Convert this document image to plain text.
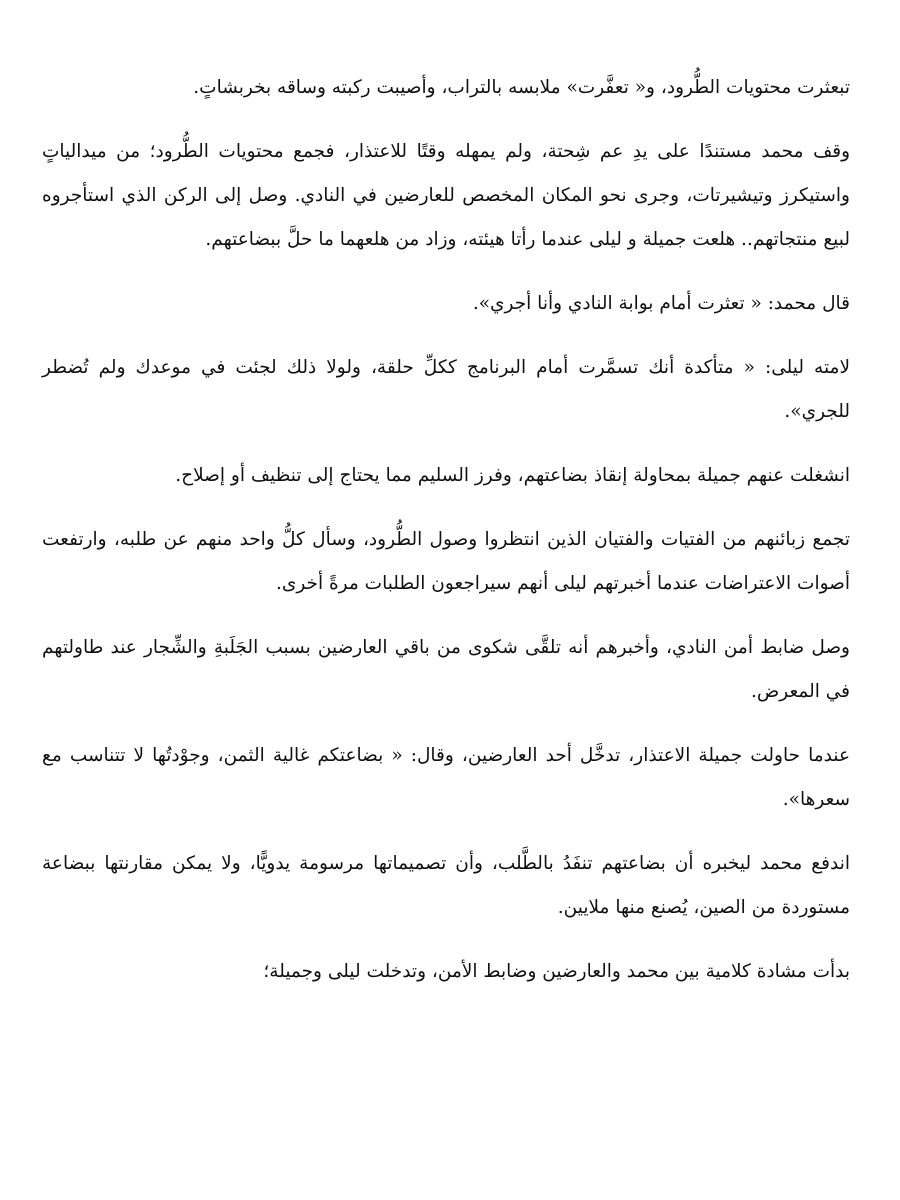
تبعثرت محتويات الطُّرود، و« تعفَّرت» ملابسه بالتراب، وأصيبت ركبته وساقه بخربشاتٍ.

وقف محمد مستندًا على يدِ عم شِحتة، ولم يمهله وقتًا للاعتذار، فجمع محتويات الطُّرود؛ من ميدالياتٍ واستيكرز وتيشيرتات، وجرى نحو المكان المخصص للعارضين في النادي. وصل إلى الركن الذي استأجروه لبيع منتجاتهم.. هلعت جميلة و ليلى عندما رأتا هيئته، وزاد من هلعهما ما حلَّ ببضاعتهم.

قال محمد: « تعثرت أمام بوابة النادي وأنا أجري».

لامته ليلى: « متأكدة أنك تسمَّرت أمام البرنامج ككلِّ حلقة، ولولا ذلك لجئت في موعدك ولم تُضطر للجري».

انشغلت عنهم جميلة بمحاولة إنقاذ بضاعتهم، وفرز السليم مما يحتاج إلى تنظيف أو إصلاح.

تجمع زبائنهم من الفتيات والفتيان الذين انتظروا وصول الطُّرود، وسأل كلُّ واحد منهم عن طلبه، وارتفعت أصوات الاعتراضات عندما أخبرتهم ليلى أنهم سيراجعون الطلبات مرةً أخرى.

وصل ضابط أمن النادي، وأخبرهم أنه تلقَّى شكوى من باقي العارضين بسبب الجَلَبةِ والشِّجار عند طاولتهم في المعرض.

عندما حاولت جميلة الاعتذار، تدخَّل أحد العارضين، وقال: « بضاعتكم غالية الثمن، وجوْدتُها لا تتناسب مع سعرها».

اندفع محمد ليخبره أن بضاعتهم تنفَدُ بالطَّلب، وأن تصميماتها مرسومة يدويًّا، ولا يمكن مقارنتها ببضاعة مستوردة من الصين، يُصنع منها ملايين.

بدأت مشادة كلامية بين محمد والعارضين وضابط الأمن، وتدخلت ليلى وجميلة؛
